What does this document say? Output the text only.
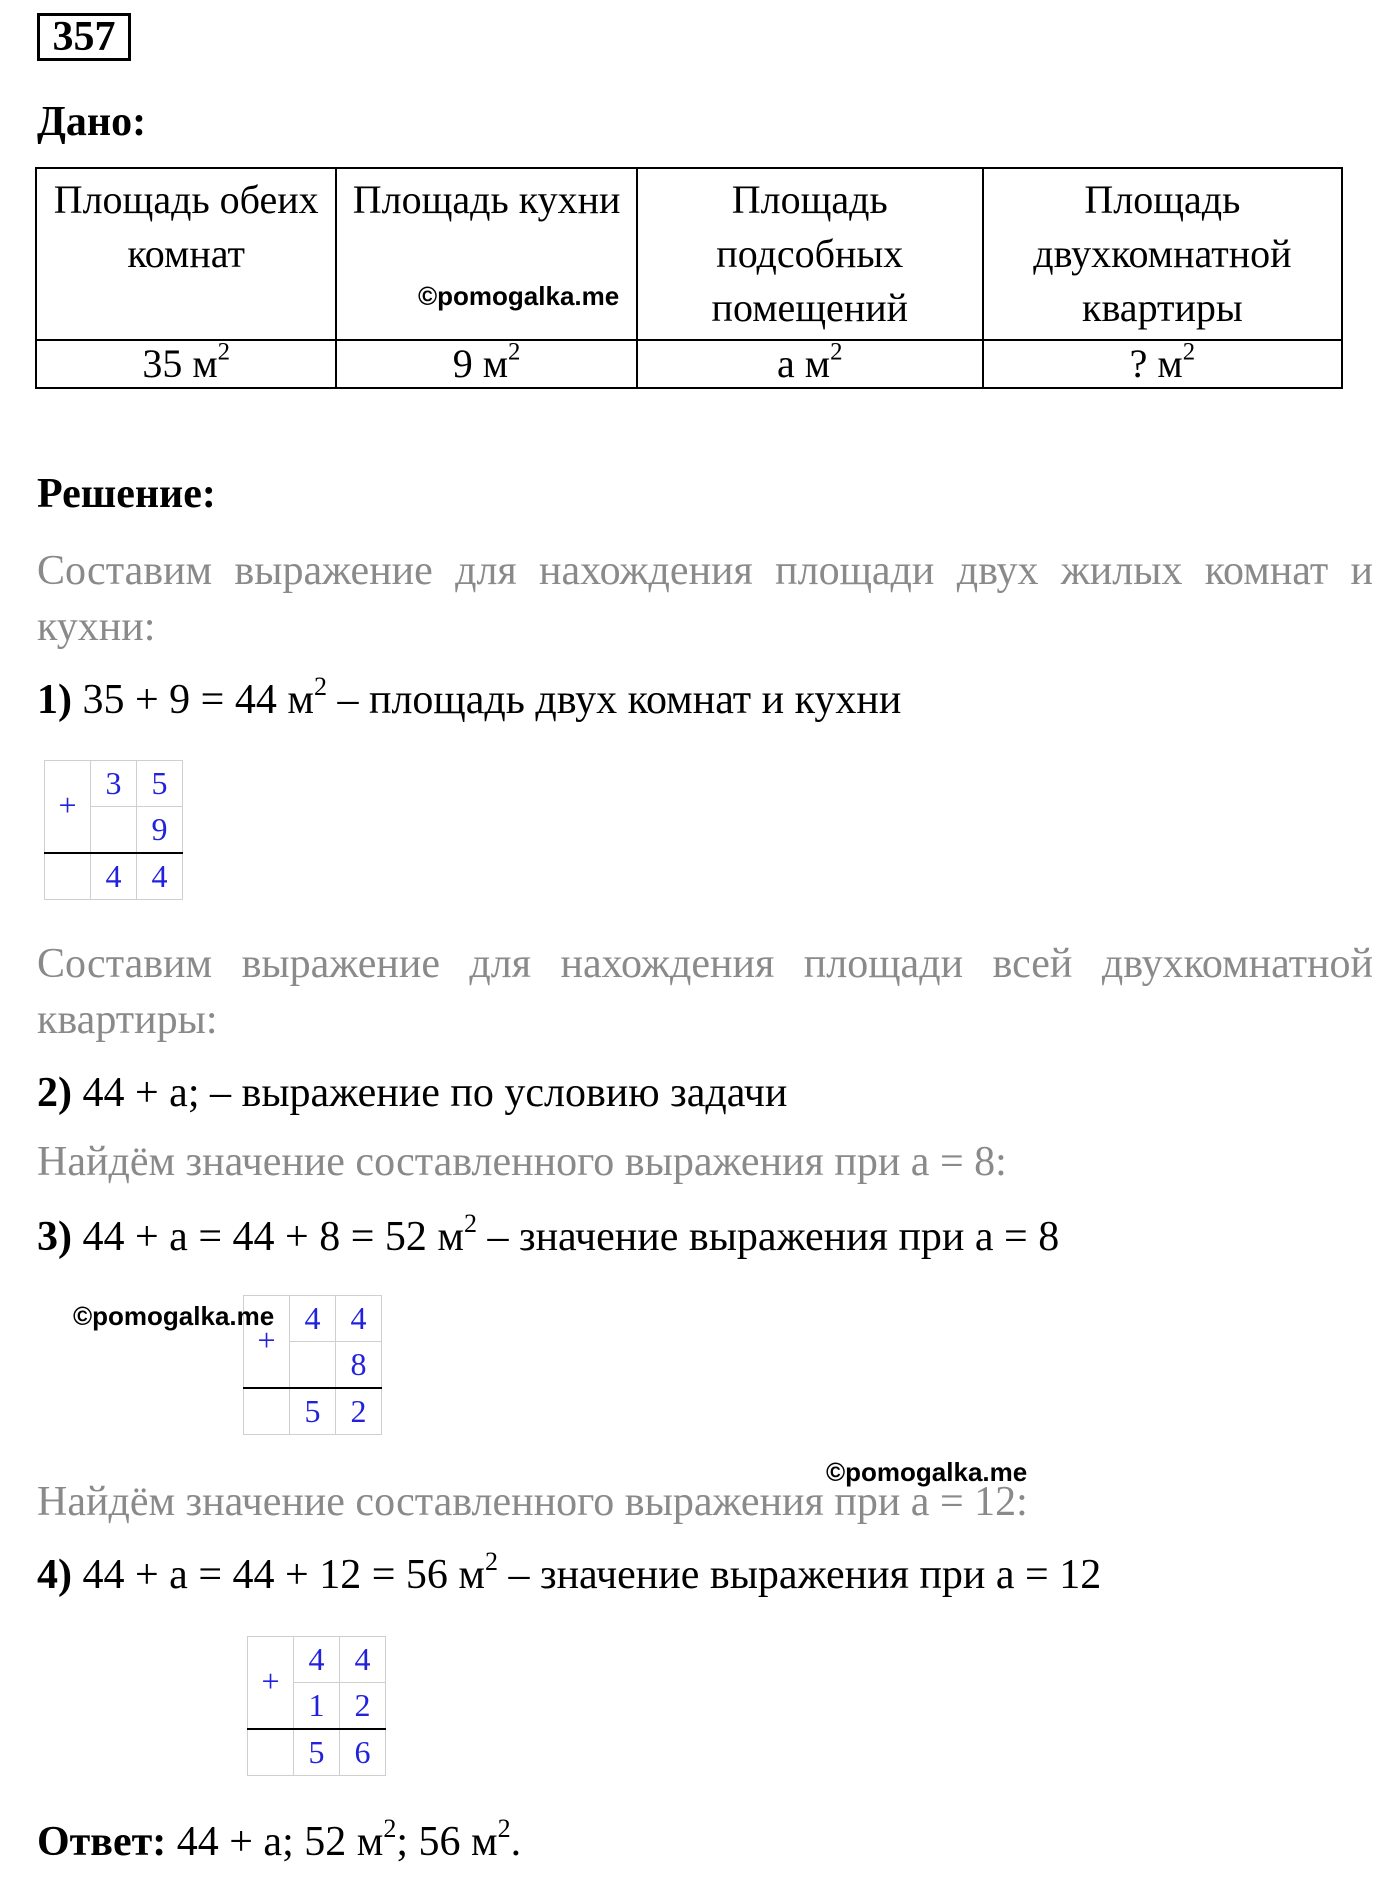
357
Дано:
Площадь обеих комнат	Площадь кухни	Площадь подсобных помещений	Площадь двухкомнатной квартиры
35 $м^2$	9 $м^2$	а $м^2$	? $м^2$
©pomogalka.me
Решение:
Составим выражение для нахождения площади двух жилых комнат и кухни:
1) 35 + 9 = 44 $м^2$ – площадь двух комнат и кухни
+	3	5
		9
	4	4
Составим выражение для нахождения площади всей двухкомнатной квартиры:
2) 44 + а; – выражение по условию задачи
Найдём значение составленного выражения при а = 8:
3) 44 + а = 44 + 8 = 52 $м^2$ – значение выражения при а = 8
+	4	4
		8
	5	2
©pomogalka.me
©pomogalka.me
Найдём значение составленного выражения при а = 12:
4) 44 + а = 44 + 12 = 56 $м^2$ – значение выражения при а = 12
+	4	4
	1	2
	5	6
Ответ: 44 + а; 52 $м^2$; 56 $м^2$.
